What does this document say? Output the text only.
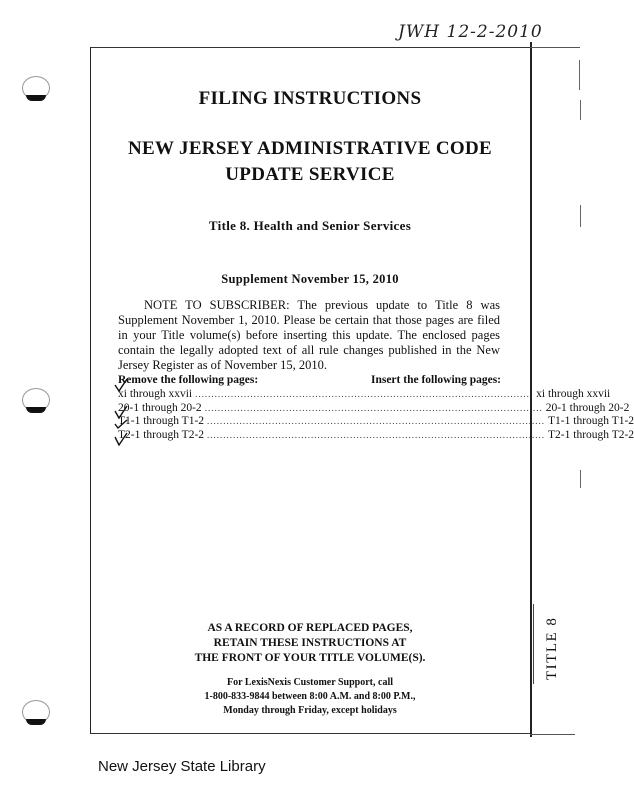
JWH 12-2-2010
FILING INSTRUCTIONS
NEW JERSEY ADMINISTRATIVE CODE
UPDATE SERVICE
Title 8. Health and Senior Services
Supplement November 15, 2010
NOTE TO SUBSCRIBER: The previous update to Title 8 was Supplement November 1, 2010. Please be certain that those pages are filed in your Title volume(s) before inserting this update. The enclosed pages contain the legally adopted text of all rule changes published in the New Jersey Register as of November 15, 2010.
Remove the following pages:	Insert the following pages:
xi through xxvii ........................................................................................................ xi through xxvii
20-1 through 20-2 ........................................................................................................ 20-1 through 20-2
T1-1 through T1-2 ........................................................................................................ T1-1 through T1-2
T2-1 through T2-2 ........................................................................................................ T2-1 through T2-2
AS A RECORD OF REPLACED PAGES,
RETAIN THESE INSTRUCTIONS AT
THE FRONT OF YOUR TITLE VOLUME(S).
For LexisNexis Customer Support, call
1-800-833-9844 between 8:00 A.M. and 8:00 P.M.,
Monday through Friday, except holidays
TITLE 8
New Jersey State Library
